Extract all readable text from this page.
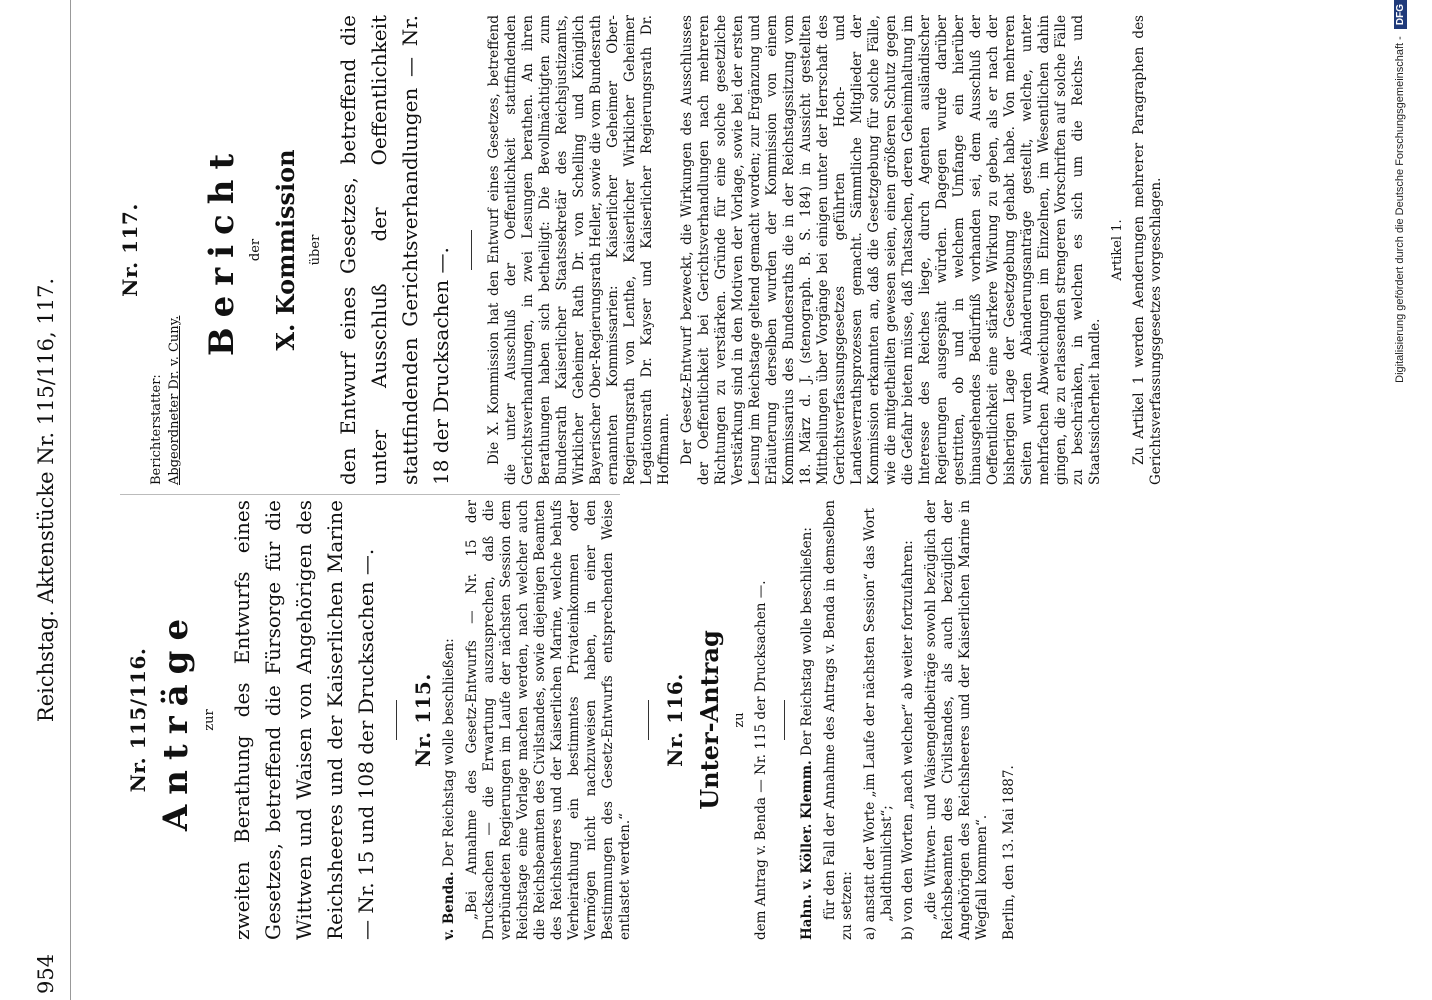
954
Reichstag. Aktenstücke Nr. 115/116, 117.	Nr. 115/116. Anträge zur zweiten Berathung des Entwurfs eines Gesetzes, betreffend die Fürsorge für die Wittwen und Waisen von Angehörigen des Reichsheeres und der Kaiserlichen Marine — Nr. 15 und 108 der Drucksachen —. Nr. 115.

v. Benda. Der Reichstag wolle beschließen: „Bei Annahme des Gesetz-Entwurfs — Nr. 15 der Drucksachen — die Erwartung auszusprechen, daß die verbündeten Regierungen im Laufe der nächsten Session dem Reichstage eine Vorlage machen werden, nach welcher auch die Reichsbeamten des Civilstandes, sowie diejenigen Beamten des Reichsheeres und der Kaiserlichen Marine, welche behufs Verheirathung ein bestimmtes Privateinkommen oder Vermögen nicht nachzuweisen haben, in einer den Bestimmungen des Gesetz-Entwurfs entsprechenden Weise entlastet werden.“

Nr. 116. Unter-Antrag zu dem Antrag v. Benda — Nr. 115 der Drucksachen —. Hahn. v. Köller. Klemm. Der Reichstag wolle beschließen: für den Fall der Annahme des Antrags v. Benda in demselben zu setzen: a) anstatt der Worte „im Laufe der nächsten Session“ das Wort „baldthunlichst“; b) von den Worten „nach welcher“ ab weiter fortzufahren: „die Wittwen- und Waisengeldbeiträge sowohl bezüglich der Reichsbeamten des Civilstandes, als auch bezüglich der Angehörigen des Reichsheeres und der Kaiserlichen Marine in Wegfall kommen“. Berlin, den 13. Mai 1887.

Nr. 117.
Berichterstatter: Abgeordneter Dr. v. Cuny.
Bericht der X. Kommission über den Entwurf eines Gesetzes, betreffend die unter Ausschluß der Oeffentlichkeit stattfindenden Gerichtsverhandlungen — Nr. 18 der Drucksachen —. Die X. Kommission hat den Entwurf eines Gesetzes, betreffend die unter Ausschluß der Oeffentlichkeit stattfindenden Gerichtsverhandlungen, in zwei Lesungen berathen. An ihren Berathungen haben sich betheiligt: Die Bevollmächtigten zum Bundesrath Kaiserlicher Staatssekretär des Reichsjustizamts, Wirklicher Geheimer Rath Dr. von Schelling und Königlich Bayerischer Ober-Regierungsrath Heller, sowie die vom Bundesrath ernannten Kommissarien: Kaiserlicher Geheimer Ober-Regierungsrath von Lenthe, Kaiserlicher Wirklicher Geheimer Legationsrath Dr. Kayser und Kaiserlicher Regierungsrath Dr. Hoffmann. Der Gesetz-Entwurf bezweckt, die Wirkungen des Ausschlusses der Oeffentlichkeit bei Gerichtsverhandlungen nach mehreren Richtungen zu verstärken. Gründe für eine solche gesetzliche Verstärkung sind in den Motiven der Vorlage, sowie bei der ersten Lesung im Reichstage geltend gemacht worden; zur Ergänzung und Erläuterung derselben wurden der Kommission von einem Kommissarius des Bundesraths die in der Reichstagssitzung vom 18. März d. J. (stenograph. B. S. 184) in Aussicht gestellten Mittheilungen über Vorgänge bei einigen unter der Herrschaft des Gerichtsverfassungsgesetzes geführten Hoch- und Landesverrathsprozessen gemacht. Sämmtliche Mitglieder der Kommission erkannten an, daß die Gesetzgebung für solche Fälle, wie die mitgetheilten gewesen seien, einen größeren Schutz gegen die Gefahr bieten müsse, daß Thatsachen, deren Geheimhaltung im Interesse des Reiches liege, durch Agenten ausländischer Regierungen ausgespäht würden. Dagegen wurde darüber gestritten, ob und in welchem Umfange ein hierüber hinausgehendes Bedürfniß vorhanden sei, dem Ausschluß der Oeffentlichkeit eine stärkere Wirkung zu geben, als er nach der bisherigen Lage der Gesetzgebung gehabt habe. Von mehreren Seiten wurden Abänderungsanträge gestellt, welche, unter mehrfachen Abweichungen im Einzelnen, im Wesentlichen dahin gingen, die zu erlassenden strengeren Vorschriften auf solche Fälle zu beschränken, in welchen es sich um die Reichs- und Staatssicherheit handle.

Artikel 1. Zu Artikel 1 werden Aenderungen mehrerer Paragraphen des Gerichtsverfassungsgesetzes vorgeschlagen.	Digitalisierung gefördert durch die Deutsche Forschungsgemeinschaft - DFG
